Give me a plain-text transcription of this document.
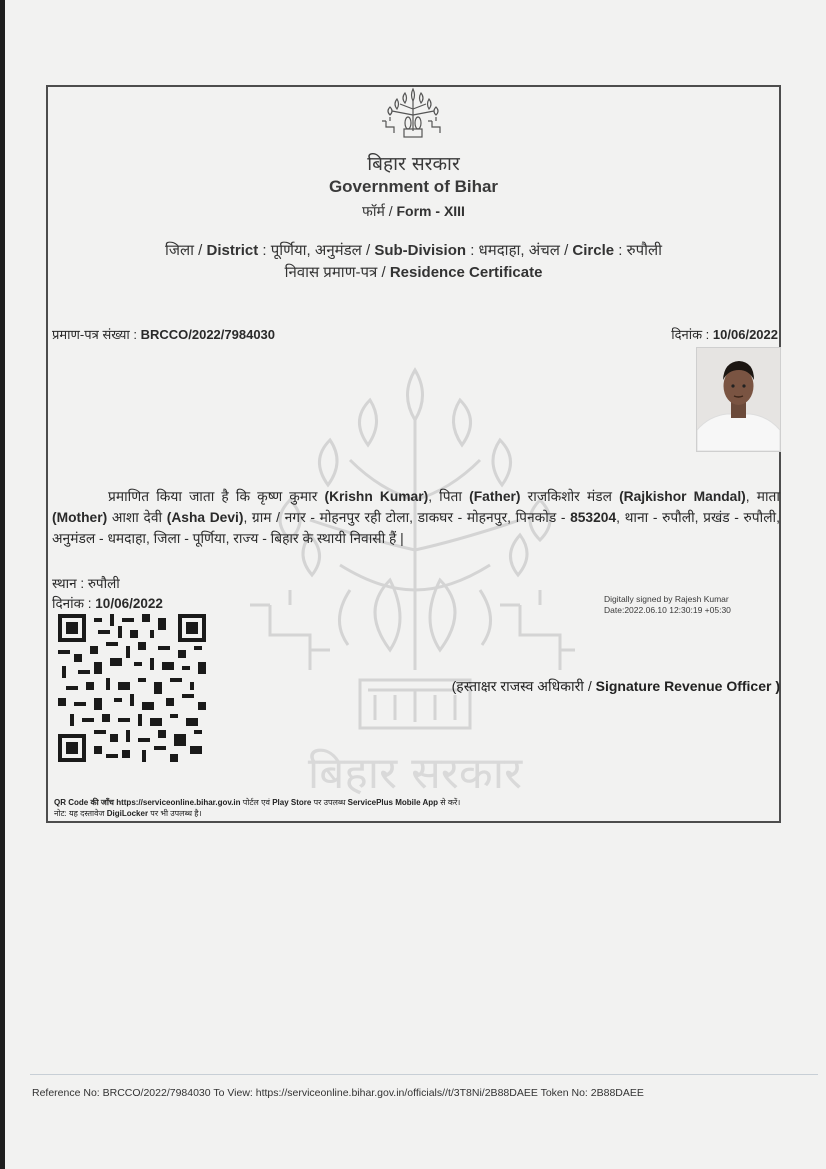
बिहार सरकार
बिहार सरकार
Government of Bihar
फॉर्म / Form - XIII
जिला / District : पूर्णिया, अनुमंडल / Sub-Division : धमदाहा, अंचल / Circle : रुपौली
निवास प्रमाण-पत्र / Residence Certificate
प्रमाण-पत्र संख्या : BRCCO/2022/7984030	दिनांक : 10/06/2022
प्रमाणित किया जाता है कि कृष्ण कुमार (Krishn Kumar), पिता (Father) राजकिशोर मंडल (Rajkishor Mandal), माता (Mother) आशा देवी (Asha Devi), ग्राम / नगर - मोहनपुर रही टोला, डाकघर - मोहनपुर, पिनकोड - 853204, थाना - रुपौली, प्रखंड - रुपौली, अनुमंडल - धमदाहा, जिला - पूर्णिया, राज्य - बिहार के स्थायी निवासी हैं |
स्थान : रुपौली
दिनांक : 10/06/2022	Digitally signed by Rajesh Kumar
Date:2022.06.10 12:30:19 +05:30
(हस्ताक्षर राजस्व अधिकारी / Signature Revenue Officer )
QR Code की जाँच https://serviceonline.bihar.gov.in पोर्टल एवं Play Store पर उपलब्ध ServicePlus Mobile App से करें।
नोट: यह दस्तावेज DigiLocker पर भी उपलब्ध है।
Reference No: BRCCO/2022/7984030 To View: https://serviceonline.bihar.gov.in/officials//t/3T8Ni/2B88DAEE Token No: 2B88DAEE
